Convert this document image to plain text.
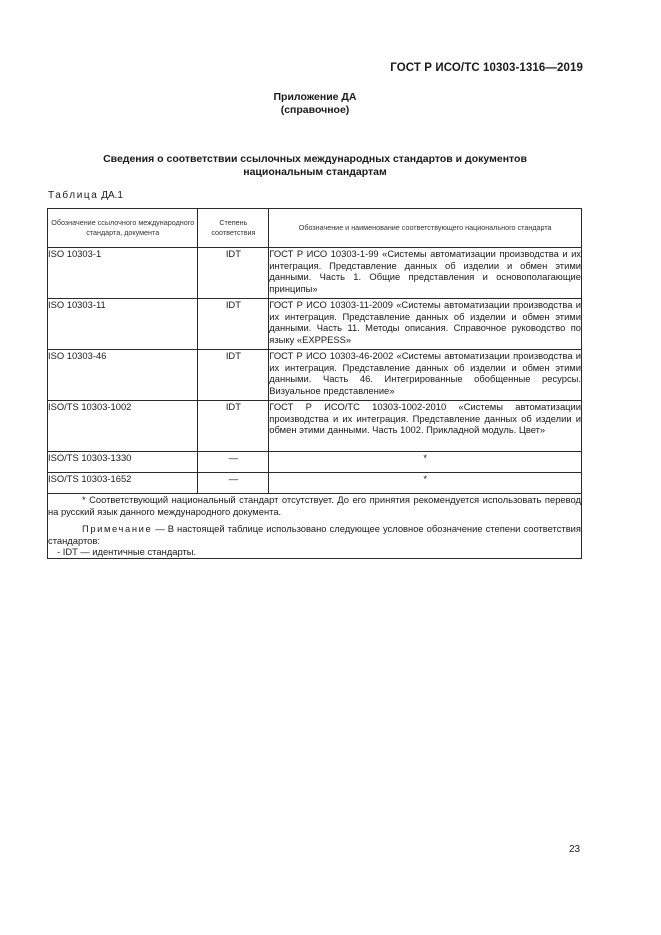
ГОСТ Р ИСО/ТС 10303-1316—2019
Приложение ДА
(справочное)
Сведения о соответствии ссылочных международных стандартов и документов
национальным стандартам
Таблица ДА.1
Обозначение ссылочного международного стандарта, документа	Степень соответствия	Обозначение и наименование соответствующего национального стандарта
ISO 10303-1	IDT	ГОСТ Р ИСО 10303-1-99 «Системы автоматизации производства и их интеграция. Представление данных об изделии и обмен этими данными. Часть 1. Общие представления и основополагающие принципы»
ISO 10303-11	IDT	ГОСТ Р ИСО 10303-11-2009 «Системы автоматизации производства и их интеграция. Представление данных об изделии и обмен этими данными. Часть 11. Методы описания. Справочное руководство по языку «EXPPESS»
ISO 10303-46	IDT	ГОСТ Р ИСО 10303-46-2002 «Системы автоматизации производства и их интеграция. Представление данных об изделии и обмен этими данными. Часть 46. Интегрированные обобщенные ресурсы. Визуальное представление»
ISO/TS 10303-1002	IDT	ГОСТ Р ИСО/ТС 10303-1002-2010 «Системы автоматизации производства и их интеграция. Представление данных об изделии и обмен этими данными. Часть 1002. Прикладной модуль. Цвет»
ISO/TS 10303-1330	—	*
ISO/TS 10303-1652	—	*

* Соответствующий национальный стандарт отсутствует. До его принятия рекомендуется использовать перевод на русский язык данного международного документа.

Примечание — В настоящей таблице использовано следующее условное обозначение степени соответствия стандартов:

- IDT — идентичные стандарты.		

23
